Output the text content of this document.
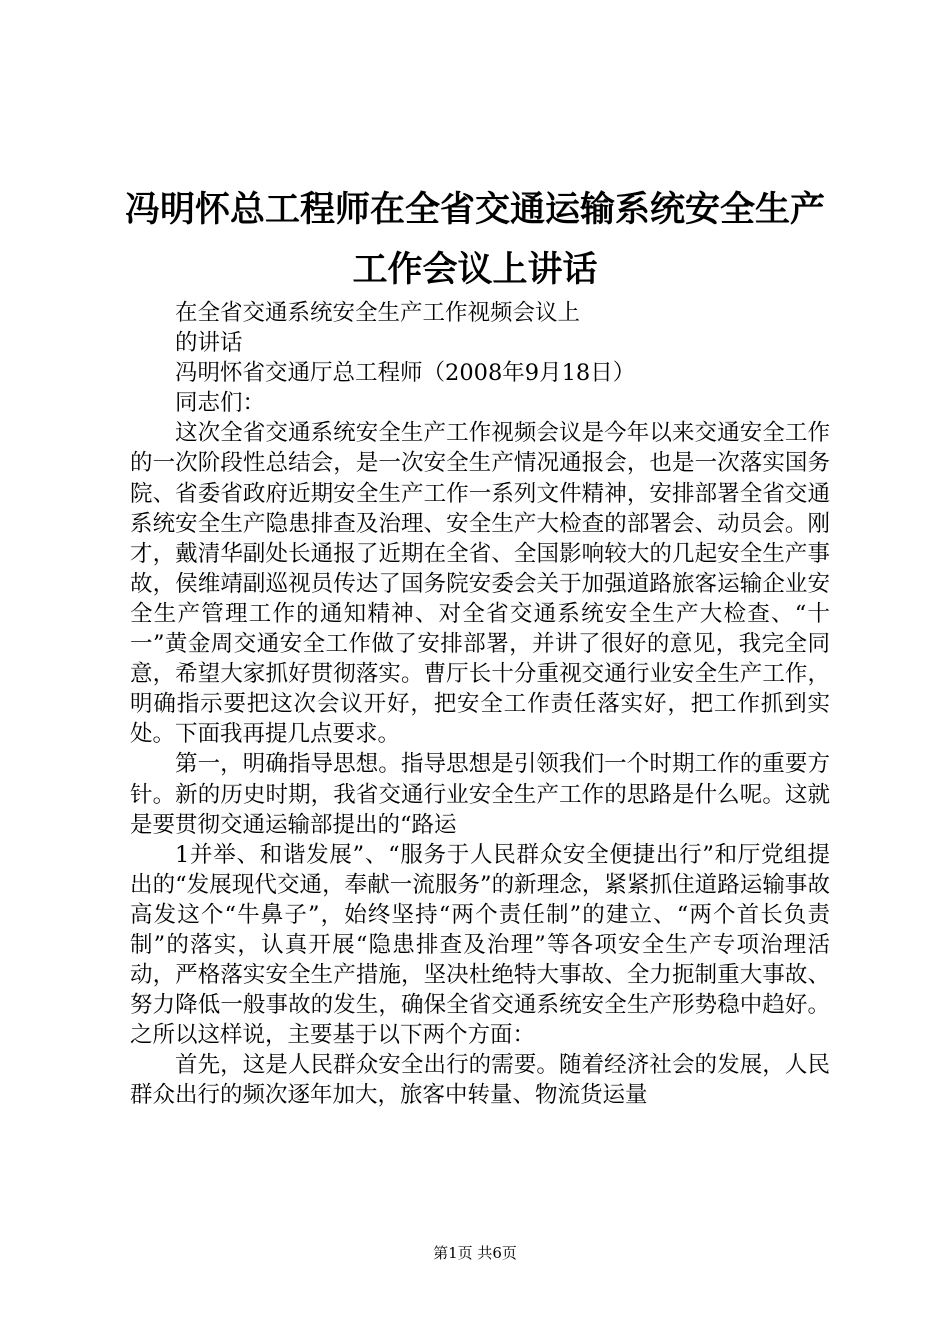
冯明怀总工程师在全省交通运输系统安全生产
工作会议上讲话

在全省交通系统安全生产工作视频会议上

的讲话

冯明怀省交通厅总工程师（2008年9月18日）

同志们：

这次全省交通系统安全生产工作视频会议是今年以来交通安全工作的一次阶段性总结会，是一次安全生产情况通报会，也是一次落实国务院、省委省政府近期安全生产工作一系列文件精神，安排部署全省交通系统安全生产隐患排查及治理、安全生产大检查的部署会、动员会。刚才，戴清华副处长通报了近期在全省、全国影响较大的几起安全生产事故，侯维靖副巡视员传达了国务院安委会关于加强道路旅客运输企业安全生产管理工作的通知精神、对全省交通系统安全生产大检查、“十一”黄金周交通安全工作做了安排部署，并讲了很好的意见，我完全同意，希望大家抓好贯彻落实。曹厅长十分重视交通行业安全生产工作，明确指示要把这次会议开好，把安全工作责任落实好，把工作抓到实处。下面我再提几点要求。

第一，明确指导思想。指导思想是引领我们一个时期工作的重要方针。新的历史时期，我省交通行业安全生产工作的思路是什么呢。这就是要贯彻交通运输部提出的“路运

1并举、和谐发展”、“服务于人民群众安全便捷出行”和厅党组提出的“发展现代交通，奉献一流服务”的新理念，紧紧抓住道路运输事故高发这个“牛鼻子”，始终坚持“两个责任制”的建立、“两个首长负责制”的落实，认真开展“隐患排查及治理”等各项安全生产专项治理活动，严格落实安全生产措施，坚决杜绝特大事故、全力扼制重大事故、努力降低一般事故的发生，确保全省交通系统安全生产形势稳中趋好。之所以这样说，主要基于以下两个方面：

首先，这是人民群众安全出行的需要。随着经济社会的发展，人民群众出行的频次逐年加大，旅客中转量、物流货运量

第1页 共6页
